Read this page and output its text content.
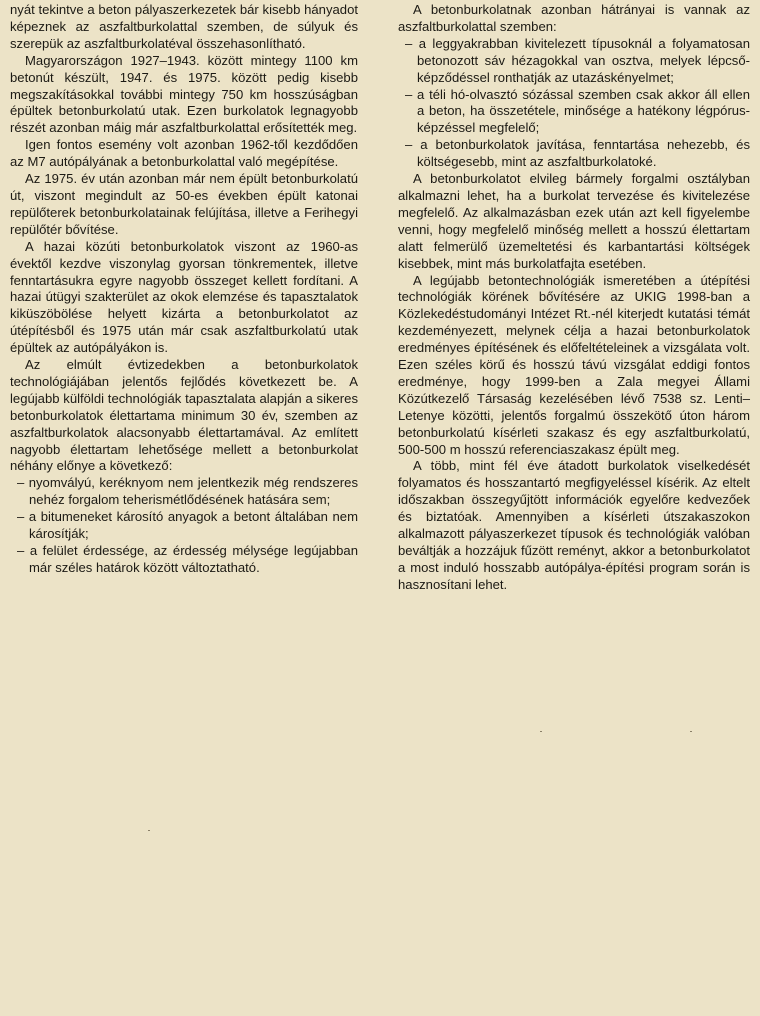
nyát tekintve a beton pályaszerkezetek bár kisebb hányadot képeznek az aszfaltburkolattal szemben, de súlyuk és szerepük az aszfaltburkolatéval összehasonlítható.

Magyarországon 1927–1943. között mintegy 1100 km betonút készült, 1947. és 1975. között pedig kisebb megszakításokkal további mintegy 750 km hosszúságban épültek betonburkolatú utak. Ezen burkolatok legnagyobb részét azonban máig már aszfaltburkolattal erősítették meg.

Igen fontos esemény volt azonban 1962-től kezdődően az M7 autópályának a betonburkolattal való megépítése.

Az 1975. év után azonban már nem épült betonburkolatú út, viszont megindult az 50-es években épült katonai repülőterek betonburkolatainak felújítása, illetve a Ferihegyi repülőtér bővítése.

A hazai közúti betonburkolatok viszont az 1960-as évektől kezdve viszonylag gyorsan tönkrementek, illetve fenntartásukra egyre nagyobb összeget kellett fordítani. A hazai útügyi szakterület az okok elemzése és tapasztalatok kiküszöbölése helyett kizárta a betonburkolatot az útépítésből és 1975 után már csak aszfaltburkolatú utak épültek az autópályákon is.

Az elmúlt évtizedekben a betonburkolatok technológiájában jelentős fejlődés következett be. A legújabb külföldi technológiák tapasztalata alapján a sikeres betonburkolatok élettartama minimum 30 év, szemben az aszfaltburkolatok alacsonyabb élettartamával. Az említett nagyobb élettartam lehetősége mellett a betonburkolat néhány előnye a következő:

– nyomvályú, keréknyom nem jelentkezik még rendszeres nehéz forgalom teherismétlődésének hatására sem;

– a bitumeneket károsító anyagok a betont általában nem károsítják;

– a felület érdessége, az érdesség mélysége legújabban már széles határok között változtatható.

A betonburkolatnak azonban hátrányai is vannak az aszfaltburkolattal szemben:

– a leggyakrabban kivitelezett típusoknál a folyamatosan betonozott sáv hézagokkal van osztva, melyek lépcső-képződéssel ronthatják az utazáskényelmet;

– a téli hó-olvasztó sózással szemben csak akkor áll ellen a beton, ha összetétele, minősége a hatékony légpórus-képzéssel megfelelő;

– a betonburkolatok javítása, fenntartása nehezebb, és költségesebb, mint az aszfaltburkolatoké.

A betonburkolatot elvileg bármely forgalmi osztályban alkalmazni lehet, ha a burkolat tervezése és kivitelezése megfelelő. Az alkalmazásban ezek után azt kell figyelembe venni, hogy megfelelő minőség mellett a hosszú élettartam alatt felmerülő üzemeltetési és karbantartási költségek kisebbek, mint más burkolatfajta esetében.

A legújabb betontechnológiák ismeretében a útépítési technológiák körének bővítésére az UKIG 1998-ban a Közlekedéstudományi Intézet Rt.-nél kiterjedt kutatási témát kezdeményezett, melynek célja a hazai betonburkolatok eredményes építésének és előfeltételeinek a vizsgálata volt. Ezen széles körű és hosszú távú vizsgálat eddigi fontos eredménye, hogy 1999-ben a Zala megyei Állami Közútkezelő Társaság kezelésében lévő 7538 sz. Lenti–Letenye közötti, jelentős forgalmú összekötő úton három betonburkolatú kísérleti szakasz és egy aszfaltburkolatú, 500-500 m hosszú referenciaszakasz épült meg.

A több, mint fél éve átadott burkolatok viselkedését folyamatos és hosszantartó megfigyeléssel kísérik. Az eltelt időszakban összegyűjtött információk egyelőre kedvezőek és biztatóak. Amennyiben a kísérleti útszakaszokon alkalmazott pályaszerkezet típusok és technológiák valóban beváltják a hozzájuk fűzött reményt, akkor a betonburkolatot a most induló hosszabb autópálya-építési program során is hasznosítani lehet.
